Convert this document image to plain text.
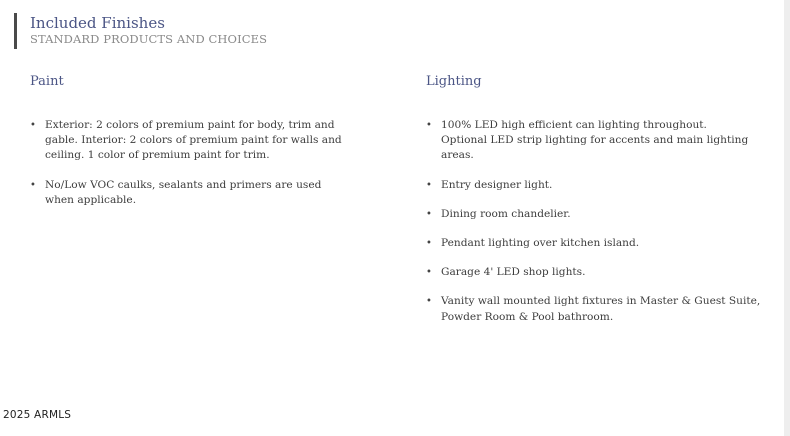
Included Finishes
STANDARD PRODUCTS AND CHOICES
Paint
• Exterior: 2 colors of premium paint for body, trim and gable. Interior: 2 colors of premium paint for walls and ceiling. 1 color of premium paint for trim.
• No/Low VOC caulks, sealants and primers are used when applicable.
Lighting
• 100% LED high efficient can lighting throughout. Optional LED strip lighting for accents and main lighting areas.
• Entry designer light.
• Dining room chandelier.
• Pendant lighting over kitchen island.
• Garage 4' LED shop lights.
• Vanity wall mounted light fixtures in Master & Guest Suite, Powder Room & Pool bathroom.
2025 ARMLS
